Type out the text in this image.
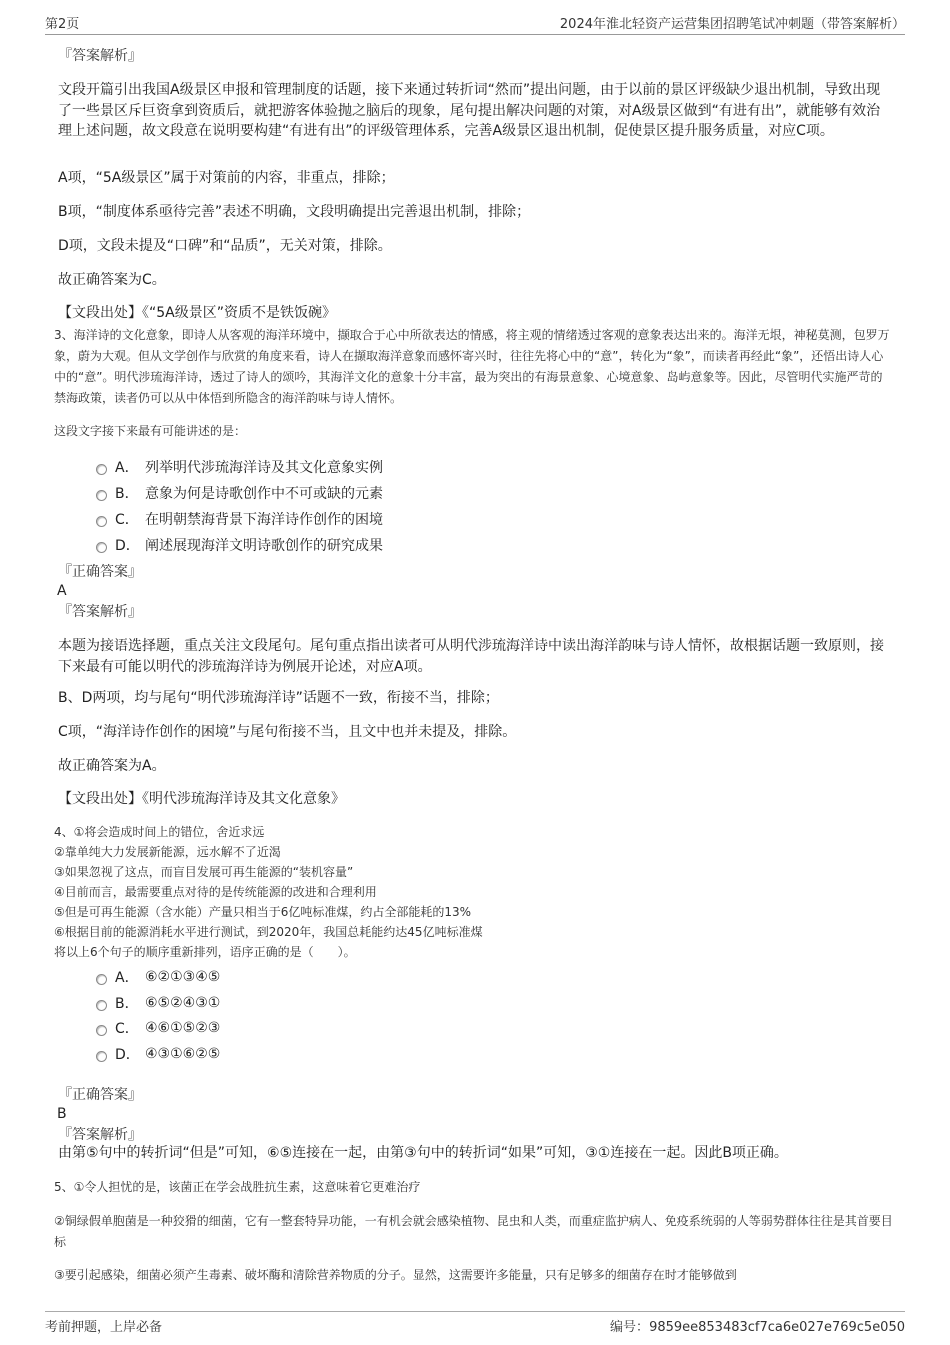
第2页	2024年淮北轻资产运营集团招聘笔试冲刺题（带答案解析）
『答案解析』
文段开篇引出我国A级景区申报和管理制度的话题，接下来通过转折词“然而”提出问题，由于以前的景区评级缺少退出机制，导致出现了一些景区斥巨资拿到资质后，就把游客体验抛之脑后的现象，尾句提出解决问题的对策，对A级景区做到“有进有出”，就能够有效治理上述问题，故文段意在说明要构建“有进有出”的评级管理体系，完善A级景区退出机制，促使景区提升服务质量，对应C项。
A项，“5A级景区”属于对策前的内容，非重点，排除；
B项，“制度体系亟待完善”表述不明确，文段明确提出完善退出机制，排除；
D项，文段未提及“口碑”和“品质”，无关对策，排除。
故正确答案为C。
【文段出处】《“5A级景区”资质不是铁饭碗》
3、海洋诗的文化意象，即诗人从客观的海洋环境中，撷取合于心中所欲表达的情感，将主观的情绪透过客观的意象表达出来的。海洋无垠，神秘莫测，包罗万象，蔚为大观。但从文学创作与欣赏的角度来看，诗人在撷取海洋意象而感怀寄兴时，往往先将心中的“意”，转化为“象”，而读者再经此“象”，还悟出诗人心中的“意”。明代涉琉海洋诗，透过了诗人的颂吟，其海洋文化的意象十分丰富，最为突出的有海景意象、心境意象、岛屿意象等。因此，尽管明代实施严苛的禁海政策，读者仍可以从中体悟到所隐含的海洋韵味与诗人情怀。
这段文字接下来最有可能讲述的是：
A． 列举明代涉琉海洋诗及其文化意象实例
B． 意象为何是诗歌创作中不可或缺的元素
C． 在明朝禁海背景下海洋诗作创作的困境
D． 阐述展现海洋文明诗歌创作的研究成果
『正确答案』
A
『答案解析』
本题为接语选择题，重点关注文段尾句。尾句重点指出读者可从明代涉琉海洋诗中读出海洋韵味与诗人情怀，故根据话题一致原则，接下来最有可能以明代的涉琉海洋诗为例展开论述，对应A项。
B、D两项，均与尾句“明代涉琉海洋诗”话题不一致，衔接不当，排除；
C项，“海洋诗作创作的困境”与尾句衔接不当，且文中也并未提及，排除。
故正确答案为A。
【文段出处】《明代涉琉海洋诗及其文化意象》
4、①将会造成时间上的错位，舍近求远
②靠单纯大力发展新能源，远水解不了近渴
③如果忽视了这点，而盲目发展可再生能源的“装机容量”
④目前而言，最需要重点对待的是传统能源的改进和合理利用
⑤但是可再生能源（含水能）产量只相当于6亿吨标准煤，约占全部能耗的13%
⑥根据目前的能源消耗水平进行测试，到2020年，我国总耗能约达45亿吨标准煤
将以上6个句子的顺序重新排列，语序正确的是（　　）。
A． ⑥②①③④⑤
B． ⑥⑤②④③①
C． ④⑥①⑤②③
D． ④③①⑥②⑤
『正确答案』
B
『答案解析』
由第⑤句中的转折词“但是”可知，⑥⑤连接在一起，由第③句中的转折词“如果”可知，③①连接在一起。因此B项正确。
5、①令人担忧的是，该菌正在学会战胜抗生素，这意味着它更难治疗
②铜绿假单胞菌是一种狡猾的细菌，它有一整套特异功能，一有机会就会感染植物、昆虫和人类，而重症监护病人、免疫系统弱的人等弱势群体往往是其首要目标
③要引起感染，细菌必须产生毒素、破坏酶和清除营养物质的分子。显然，这需要许多能量，只有足够多的细菌存在时才能够做到
考前押题，上岸必备	编号：9859ee853483cf7ca6e027e769c5e050
